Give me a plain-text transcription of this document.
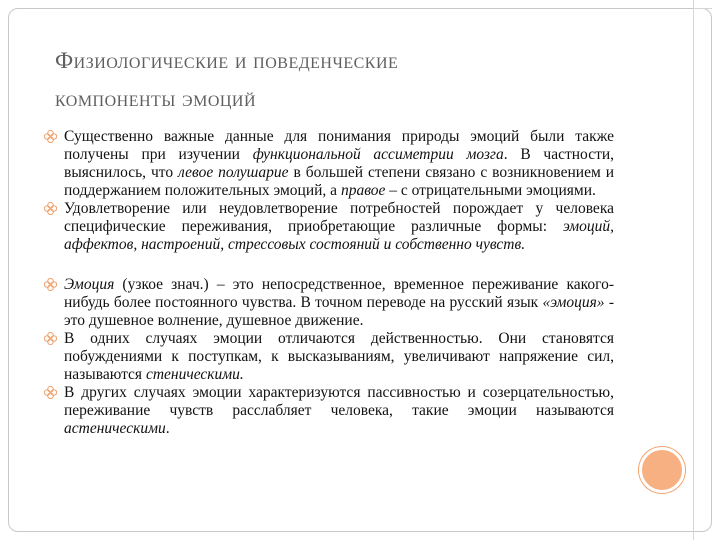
Физиологические и поведенческие
компоненты эмоций
Существенно важные данные для понимания природы эмоций были также получены при изучении функциональной ассиметрии мозга. В частности, выяснилось, что левое полушарие в большей степени связано с возникновением и поддержанием положительных эмоций, а правое – с отрицательными эмоциями.
Удовлетворение или неудовлетворение потребностей порождает у человека специфические переживания, приобретающие различные формы: эмоций, аффектов, настроений, стрессовых состояний и собственно чувств.
Эмоция (узкое знач.) – это непосредственное, временное переживание какого-нибудь более постоянного чувства. В точном переводе на русский язык «эмоция» - это душевное волнение, душевное движение.
В одних случаях эмоции отличаются действенностью. Они становятся побуждениями к поступкам, к высказываниям, увеличивают напряжение сил, называются стеническими.
В других случаях эмоции характеризуются пассивностью и созерцательностью, переживание чувств расслабляет человека, такие эмоции называются астеническими.
